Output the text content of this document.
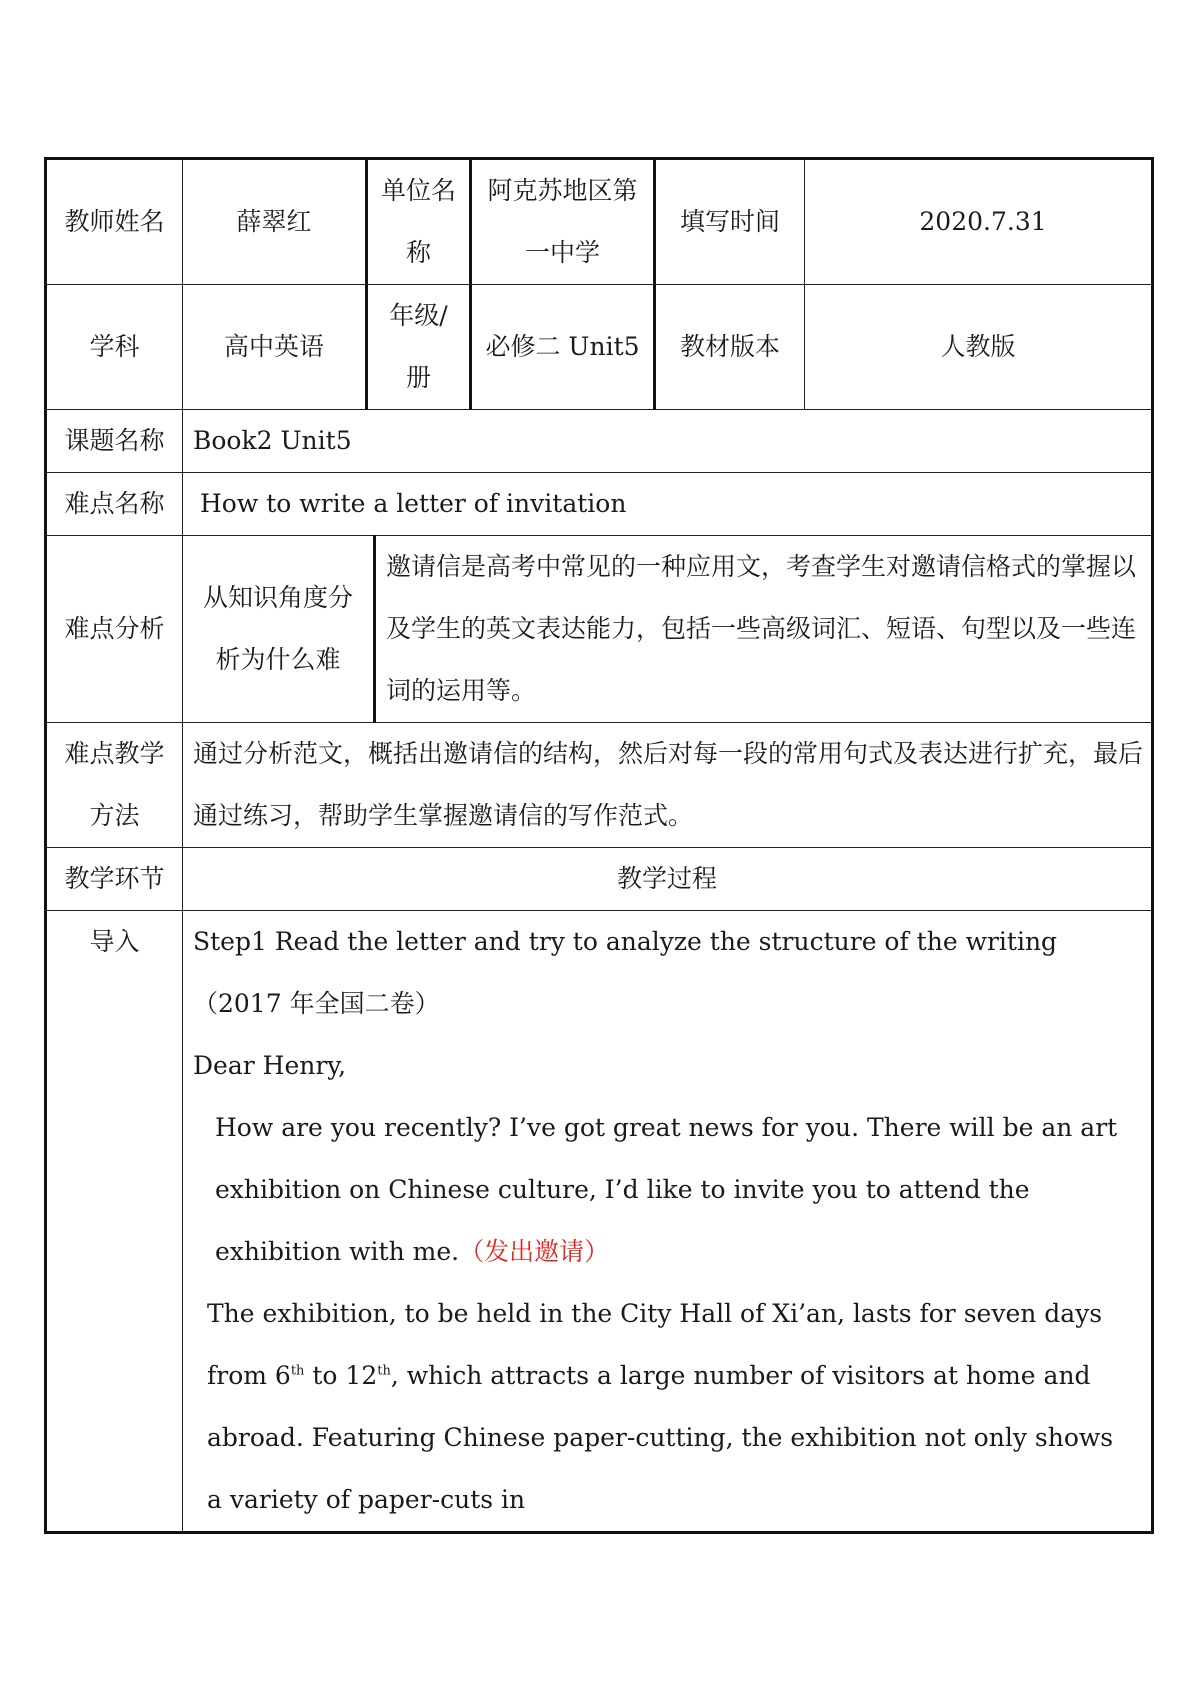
教师姓名	薛翠红	单位名称		阿克苏地区第一中学	填写时间	2020.7.31
学科	高中英语	年级/册		必修二 Unit5	教材版本	人教版
课题名称	Book2 Unit5					
难点名称	How to write a letter of invitation					
难点分析	从知识角度分析为什么难		邀请信是高考中常见的一种应用文，考查学生对邀请信格式的掌握以及学生的英文表达能力，包括一些高级词汇、短语、句型以及一些连词的运用等。			

难点教学方法	通过分析范文，概括出邀请信的结构，然后对每一段的常用句式及表达进行扩充，最后通过练习，帮助学生掌握邀请信的写作范式。					
教学环节	教学过程					
导入	Step1 Read the letter and try to analyze the structure of the writing
（2017 年全国二卷）
Dear Henry,
How are you recently? I’ve got great news for you. There will be an art exhibition on Chinese culture, I’d like to invite you to attend the exhibition with me.（发出邀请）
The exhibition, to be held in the City Hall of Xi’an, lasts for seven days from 6th to 12th, which attracts a large number of visitors at home and abroad. Featuring Chinese paper-cutting, the exhibition not only shows a variety of paper-cuts in					
